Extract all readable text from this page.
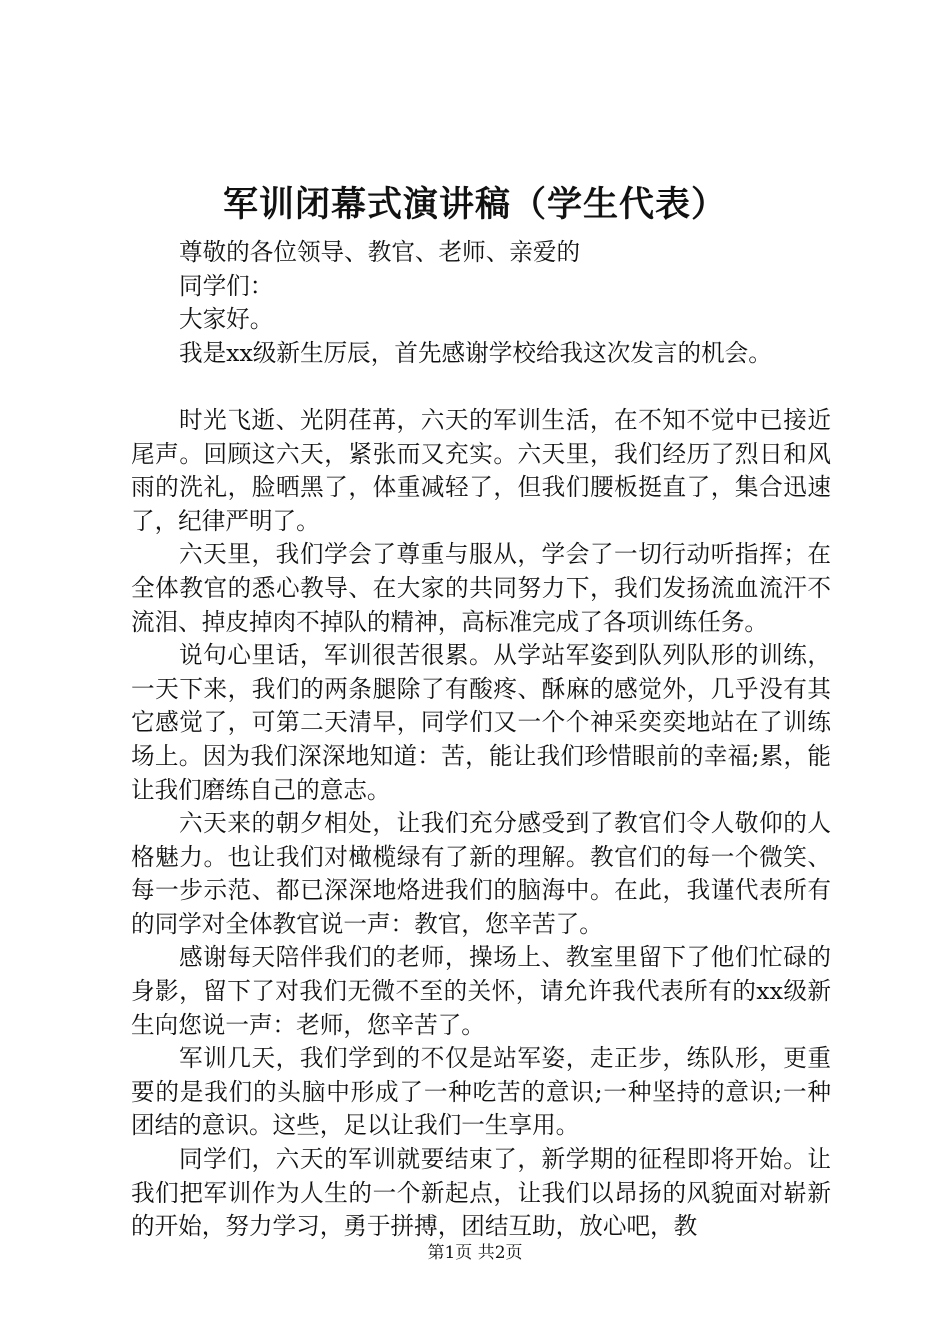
军训闭幕式演讲稿（学生代表）

尊敬的各位领导、教官、老师、亲爱的

同学们：

大家好。

我是xx级新生厉辰，首先感谢学校给我这次发言的机会。

时光飞逝、光阴荏苒，六天的军训生活，在不知不觉中已接近尾声。回顾这六天，紧张而又充实。六天里，我们经历了烈日和风雨的洗礼，脸晒黑了，体重减轻了，但我们腰板挺直了，集合迅速了，纪律严明了。

六天里，我们学会了尊重与服从，学会了一切行动听指挥；在全体教官的悉心教导、在大家的共同努力下，我们发扬流血流汗不流泪、掉皮掉肉不掉队的精神，高标准完成了各项训练任务。

说句心里话，军训很苦很累。从学站军姿到队列队形的训练，一天下来，我们的两条腿除了有酸疼、酥麻的感觉外，几乎没有其它感觉了，可第二天清早，同学们又一个个神采奕奕地站在了训练场上。因为我们深深地知道：苦，能让我们珍惜眼前的幸福;累，能让我们磨练自己的意志。

六天来的朝夕相处，让我们充分感受到了教官们令人敬仰的人格魅力。也让我们对橄榄绿有了新的理解。教官们的每一个微笑、每一步示范、都已深深地烙进我们的脑海中。在此，我谨代表所有的同学对全体教官说一声：教官，您辛苦了。

感谢每天陪伴我们的老师，操场上、教室里留下了他们忙碌的身影，留下了对我们无微不至的关怀，请允许我代表所有的xx级新生向您说一声：老师，您辛苦了。

军训几天，我们学到的不仅是站军姿，走正步，练队形，更重要的是我们的头脑中形成了一种吃苦的意识;一种坚持的意识;一种团结的意识。这些，足以让我们一生享用。

同学们，六天的军训就要结束了，新学期的征程即将开始。让我们把军训作为人生的一个新起点，让我们以昂扬的风貌面对崭新的开始，努力学习，勇于拼搏，团结互助，放心吧，教

第1页 共2页
